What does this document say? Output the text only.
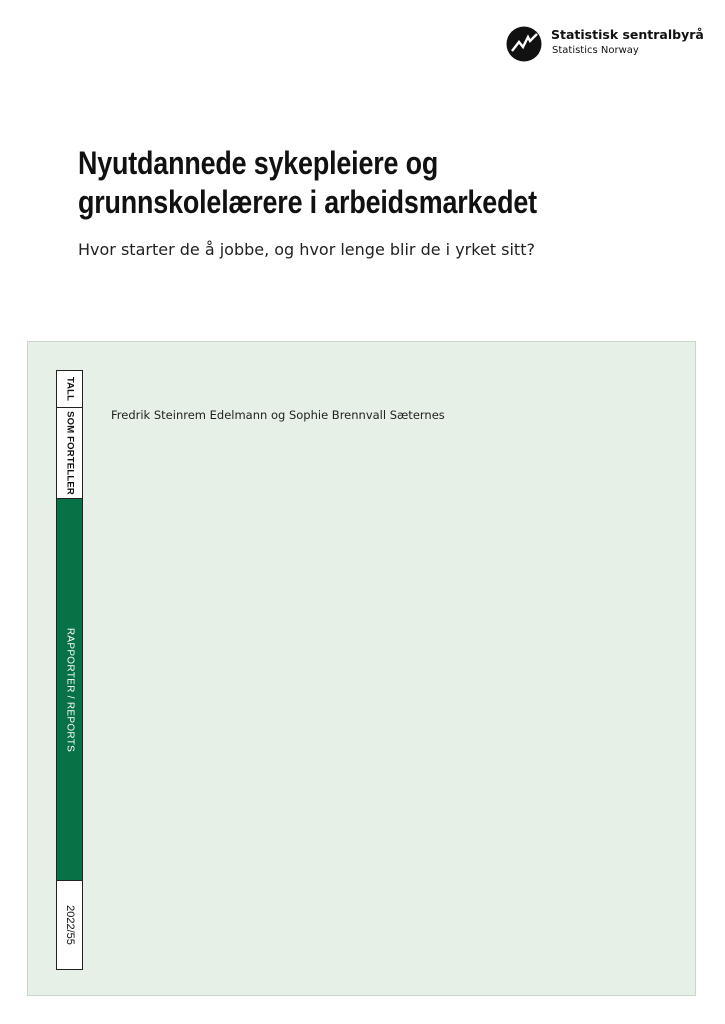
Statistisk sentralbyrå
Statistics Norway
Nyutdannede sykepleiere og
grunnskolelærere i arbeidsmarkedet

Hvor starter de å jobbe, og hvor lenge blir de i yrket sitt?

TALL
SOM FORTELLER
RAPPORTER / REPORTS
2022/55
Fredrik Steinrem Edelmann og Sophie Brennvall Sæternes
